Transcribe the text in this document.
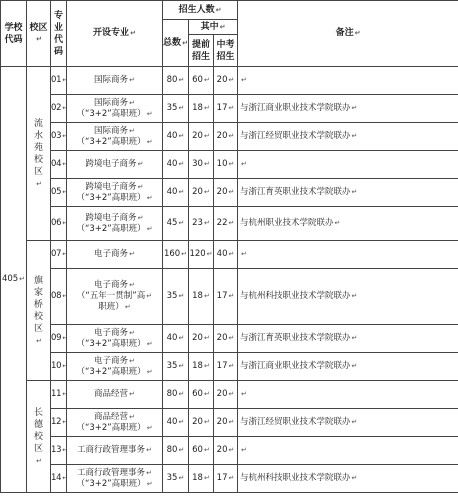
学校代码	校区 ↵	专业代码	开设专业 ↵	招生人数 ↵			备注 ↵
				总数 ↵	其中 ↵
					提前招生	中考招生	
405 ↵	流水苑校区 ↵	01 ↵	国际商务 ↵	80 ↵	60 ↵	20 ↵	↵
		02 ↵	国际商务 ↵
（“3+2”高职班） ↵	35 ↵	18 ↵	17 ↵	与浙江商业职业技术学院联办 ↵
		03 ↵	国际商务 ↵
（“3+2”高职班） ↵	40 ↵	20 ↵	20 ↵	与浙江经贸职业技术学院联办 ↵
		04 ↵	跨境电子商务 ↵	40 ↵	30 ↵	10 ↵	↵
		05 ↵	跨境电子商务 ↵
（“3+2”高职班） ↵	40 ↵	20 ↵	20 ↵	与浙江育英职业技术学院联办 ↵
		06 ↵	跨境电子商务 ↵
（“3+2”高职班） ↵	45 ↵	23 ↵	22 ↵	与杭州职业技术学院联办 ↵
	旗家桥校区 ↵	07 ↵	电子商务 ↵	160 ↵	120 ↵	40 ↵	↵
		08 ↵	电子商务 ↵
（“五年一贯制”高 ↵
职班） ↵	35 ↵	18 ↵	17 ↵	与杭州科技职业技术学院联办 ↵
		09 ↵	电子商务 ↵
（“3+2”高职班） ↵	40 ↵	20 ↵	20 ↵	与浙江育英职业技术学院联办 ↵
		10 ↵	电子商务 ↵
（“3+2”高职班） ↵	35 ↵	18 ↵	17 ↵	与浙江商业职业技术学院联办 ↵
	长德校区 ↵	11 ↵	商品经营 ↵	80 ↵	60 ↵	20 ↵	↵
		12 ↵	商品经营 ↵
（“3+2”高职班） ↵	40 ↵	20 ↵	20 ↵	与浙江经贸职业技术学院联办 ↵
		13 ↵	工商行政管理事务 ↵	80 ↵	60 ↵	20 ↵	↵
		14 ↵	工商行政管理事务 ↵
（“3+2”高职班） ↵	35 ↵	18 ↵	17 ↵	与杭州科技职业技术学院联办 ↵
